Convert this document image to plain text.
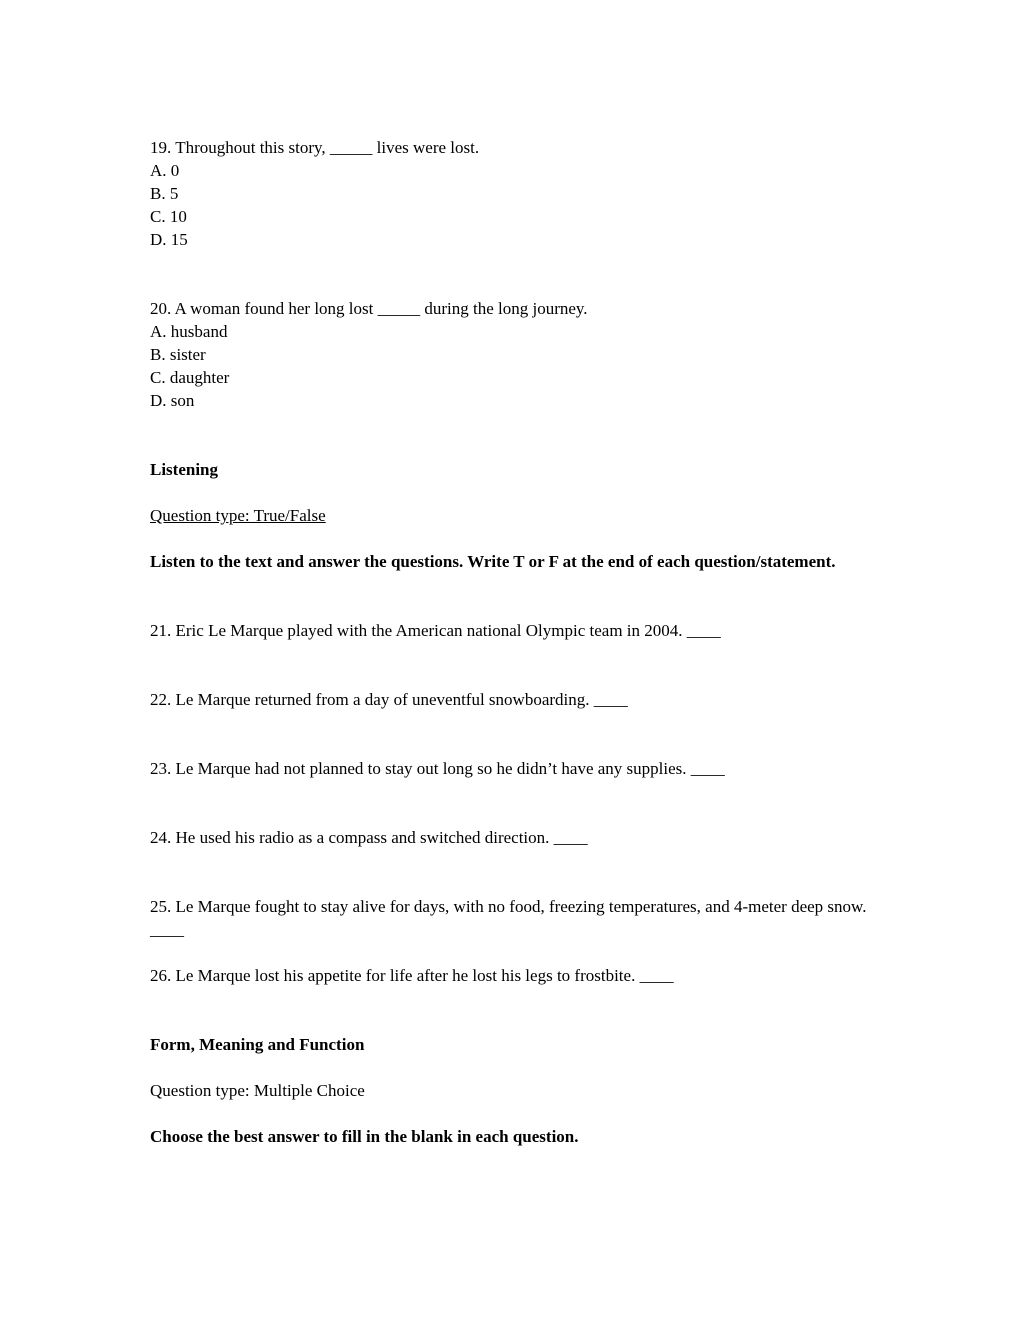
19. Throughout this story, _____ lives were lost.

A. 0

B. 5

C. 10

D. 15

20. A woman found her long lost _____ during the long journey.

A. husband

B. sister

C. daughter

D. son

Listening

Question type: True/False

Listen to the text and answer the questions. Write T or F at the end of each question/statement.

21. Eric Le Marque played with the American national Olympic team in 2004. ____

22. Le Marque returned from a day of uneventful snowboarding. ____

23. Le Marque had not planned to stay out long so he didn’t have any supplies. ____

24. He used his radio as a compass and switched direction. ____

25. Le Marque fought to stay alive for days, with no food, freezing temperatures, and 4-meter deep snow. ____

26. Le Marque lost his appetite for life after he lost his legs to frostbite. ____

Form, Meaning and Function

Question type: Multiple Choice

Choose the best answer to fill in the blank in each question.
